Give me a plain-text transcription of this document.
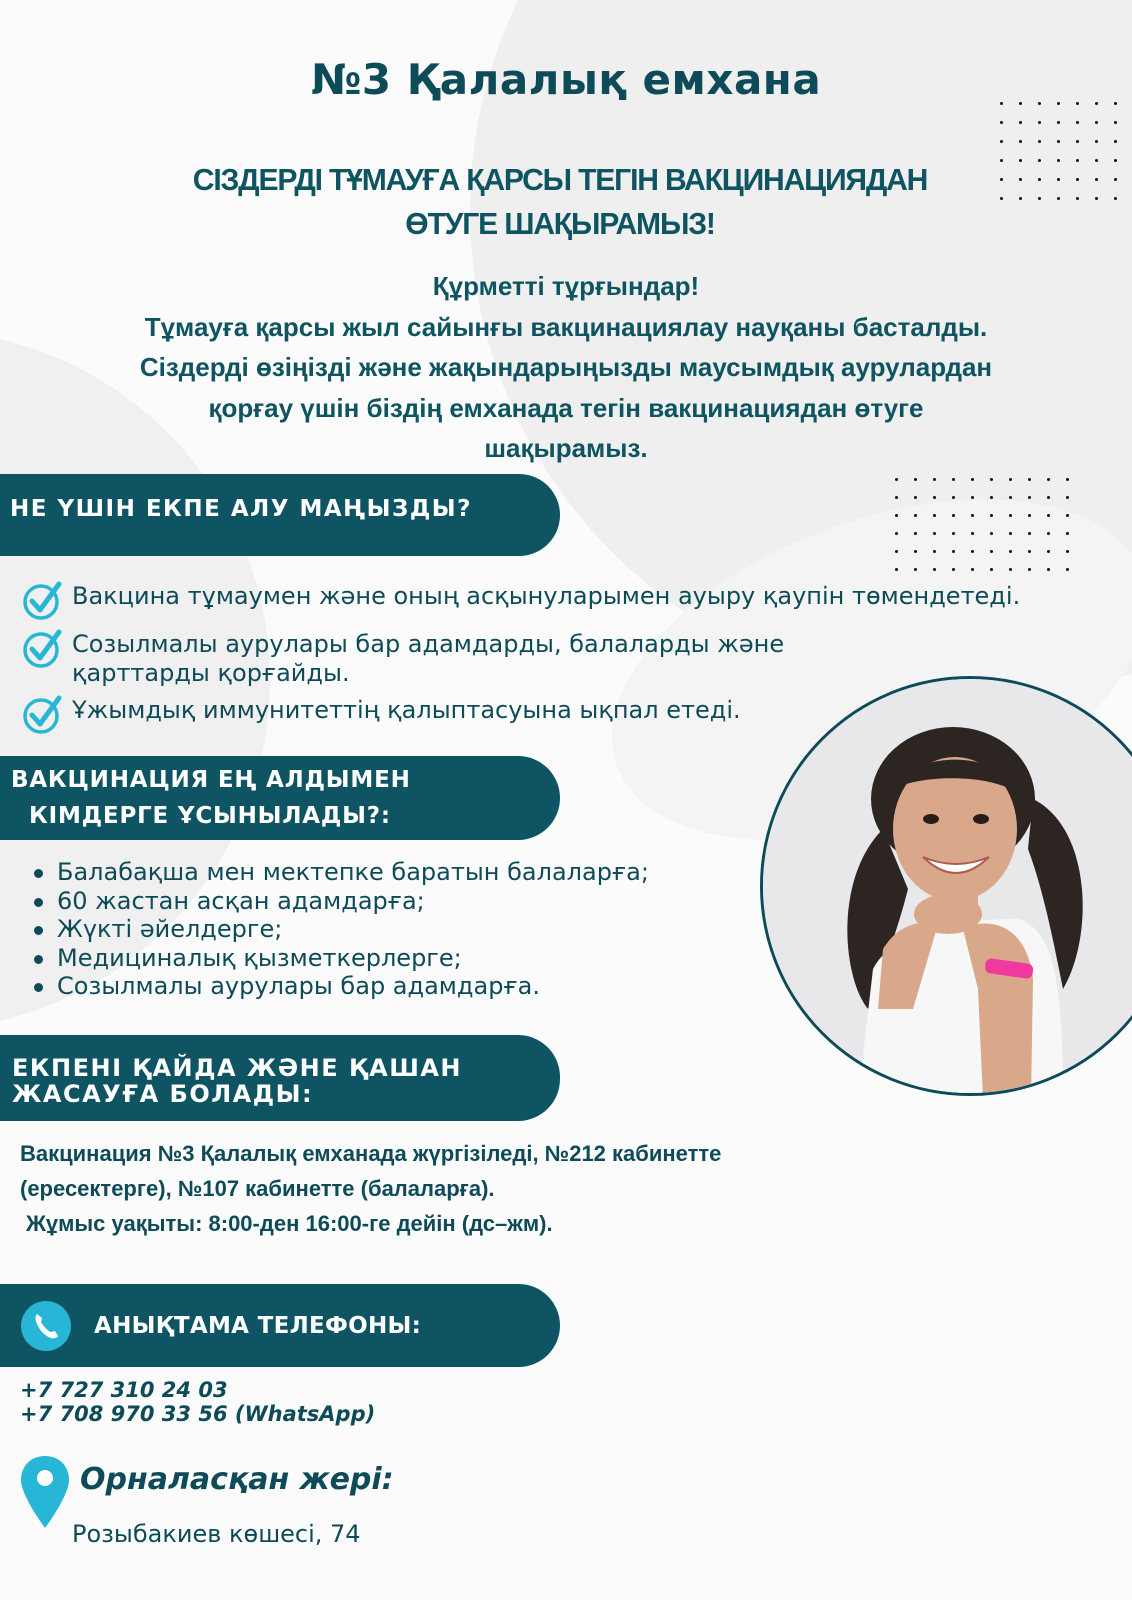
№3 Қалалық емхана
СІЗДЕРДІ ТҰМАУҒА ҚАРСЫ ТЕГІН ВАКЦИНАЦИЯДАН
ӨТУГЕ ШАҚЫРАМЫЗ!
Құрметті тұрғындар!
Тұмауға қарсы жыл сайынғы вакцинациялау науқаны басталды.
Сіздерді өзіңізді және жақындарыңызды маусымдық аурулардан
қорғау үшін біздің емханада тегін вакцинациядан өтуге
шақырамыз.
НЕ ҮШІН ЕКПЕ АЛУ МАҢЫЗДЫ?
Вакцина тұмаумен және оның асқынуларымен ауыру қаупін төмендетеді.
Созылмалы аурулары бар адамдарды, балаларды және қарттарды қорғайды.
Ұжымдық иммунитеттің қалыптасуына ықпал етеді.
ВАКЦИНАЦИЯ ЕҢ АЛДЫМЕН
КІМДЕРГЕ ҰСЫНЫЛАДЫ?:
Балабақша мен мектепке баратын балаларға;
60 жастан асқан адамдарға;
Жүкті әйелдерге;
Медициналық қызметкерлерге;
Созылмалы аурулары бар адамдарға.
ЕКПЕНІ ҚАЙДА ЖӘНЕ ҚАШАН
ЖАСАУҒА БОЛАДЫ:
Вакцинация №3 Қалалық емханада жүргізіледі, №212 кабинетте
(ересектерге), №107 кабинетте (балаларға).
Жұмыс уақыты: 8:00-ден 16:00-ге дейін (дс–жм).
АНЫҚТАМА ТЕЛЕФОНЫ:
+7 727 310 24 03
+7 708 970 33 56 (WhatsApp)
Орналасқан жері:
Розыбакиев көшесі, 74
